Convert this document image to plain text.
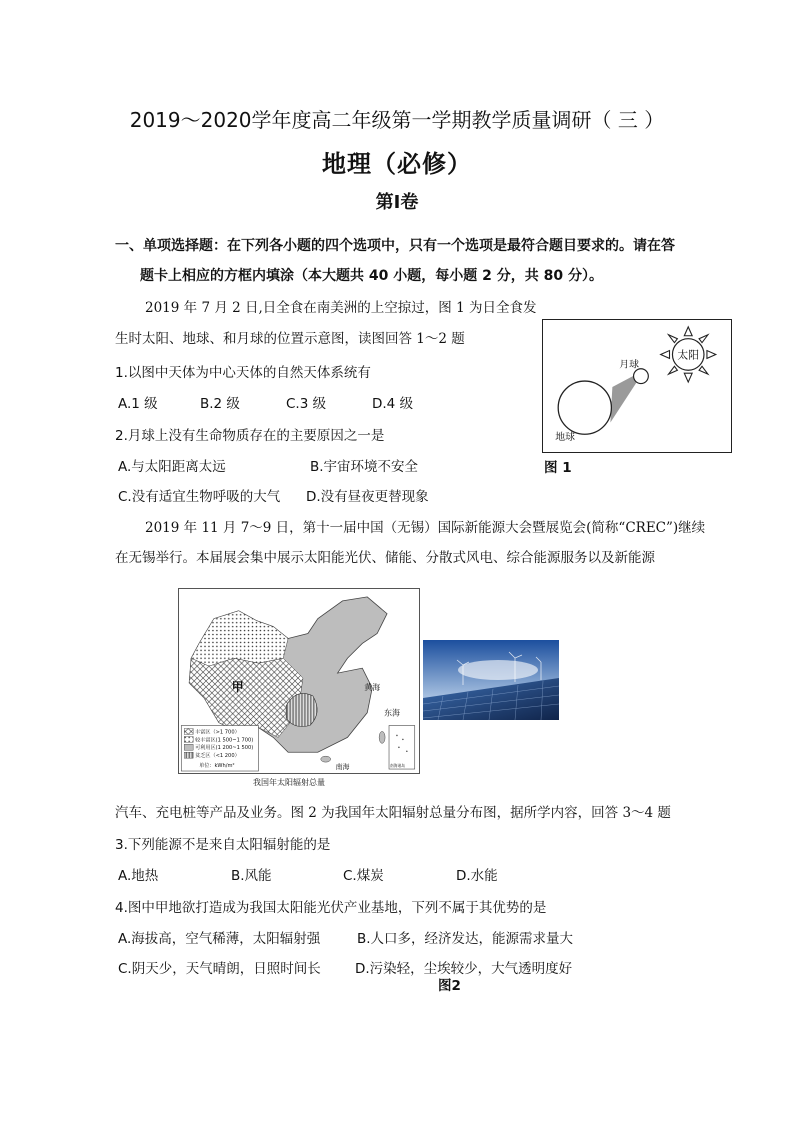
2019～2020学年度高二年级第一学期教学质量调研（ 三 ）
地理（必修）
第Ⅰ卷
一、单项选择题：在下列各小题的四个选项中，只有一个选项是最符合题目要求的。请在答
题卡上相应的方框内填涂（本大题共 40 小题，每小题 2 分，共 80 分）。
2019 年 7 月 2 日,日全食在南美洲的上空掠过，图 1 为日全食发
生时太阳、地球、和月球的位置示意图，读图回答 1～2 题
太阳
月球
地球
图 1
1.以图中天体为中心天体的自然天体系统有
A.1 级	B.2 级	C.3 级	D.4 级
2.月球上没有生命物质存在的主要原因之一是
A.与太阳距离太远	B.宇宙环境不安全
C.没有适宜生物呼吸的大气 D.没有昼夜更替现象
2019 年 11 月 7～9 日，第十一届中国（无锡）国际新能源大会暨展览会(简称“CREC”)继续
在无锡举行。本届展会集中展示太阳能光伏、储能、分散式风电、综合能源服务以及新能源
丰富区（>1 700）
较丰富区(1 500~1 700)
可利用区(1 200~1 500)
贫乏区（<1 200）
单位：kWh/m²	南海诸岛
甲	黄海
东海
南海
我国年太阳辐射总量
汽车、充电桩等产品及业务。图 2 为我国年太阳辐射总量分布图，据所学内容，回答 3～4 题
3.下列能源不是来自太阳辐射能的是
A.地热	B.风能	C.煤炭	D.水能
4.图中甲地欲打造成为我国太阳能光伏产业基地，下列不属于其优势的是
A.海拔高，空气稀薄，太阳辐射强	B.人口多，经济发达，能源需求量大
C.阴天少，天气晴朗，日照时间长	D.污染轻，尘埃较少，大气透明度好
图2
